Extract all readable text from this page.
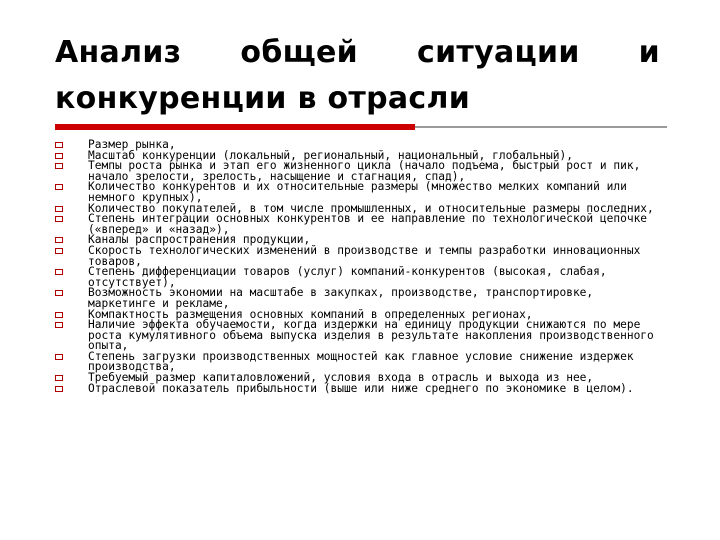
Анализ общей ситуации и конкуренции в отрасли
Размер рынка,
Масштаб конкуренции (локальный, региональный, национальный, глобальный),
Темпы роста рынка и этап его жизненного цикла (начало подъема, быстрый рост и пик, начало зрелости, зрелость, насыщение и стагнация, спад),
Количество конкурентов и их относительные размеры (множество мелких компаний или немного крупных),
Количество покупателей, в том числе промышленных, и относительные размеры последних,
Степень интеграции основных конкурентов и ее направление по технологической цепочке («вперед» и «назад»),
Каналы распространения продукции,
Скорость технологических изменений в производстве и темпы разработки инновационных товаров,
Степень дифференциации товаров (услуг) компаний-конкурентов (высокая, слабая, отсутствует),
Возможность экономии на масштабе в закупках, производстве, транспортировке, маркетинге и рекламе,
Компактность размещения основных компаний в определенных регионах,
Наличие эффекта обучаемости, когда издержки на единицу продукции снижаются по мере роста кумулятивного объема выпуска изделия в результате накопления производственного опыта,
Степень загрузки производственных мощностей как главное условие снижение издержек производства,
Требуемый размер капиталовложений, условия входа в отрасль и выхода из нее,
Отраслевой показатель прибыльности (выше или ниже среднего по экономике в целом).
